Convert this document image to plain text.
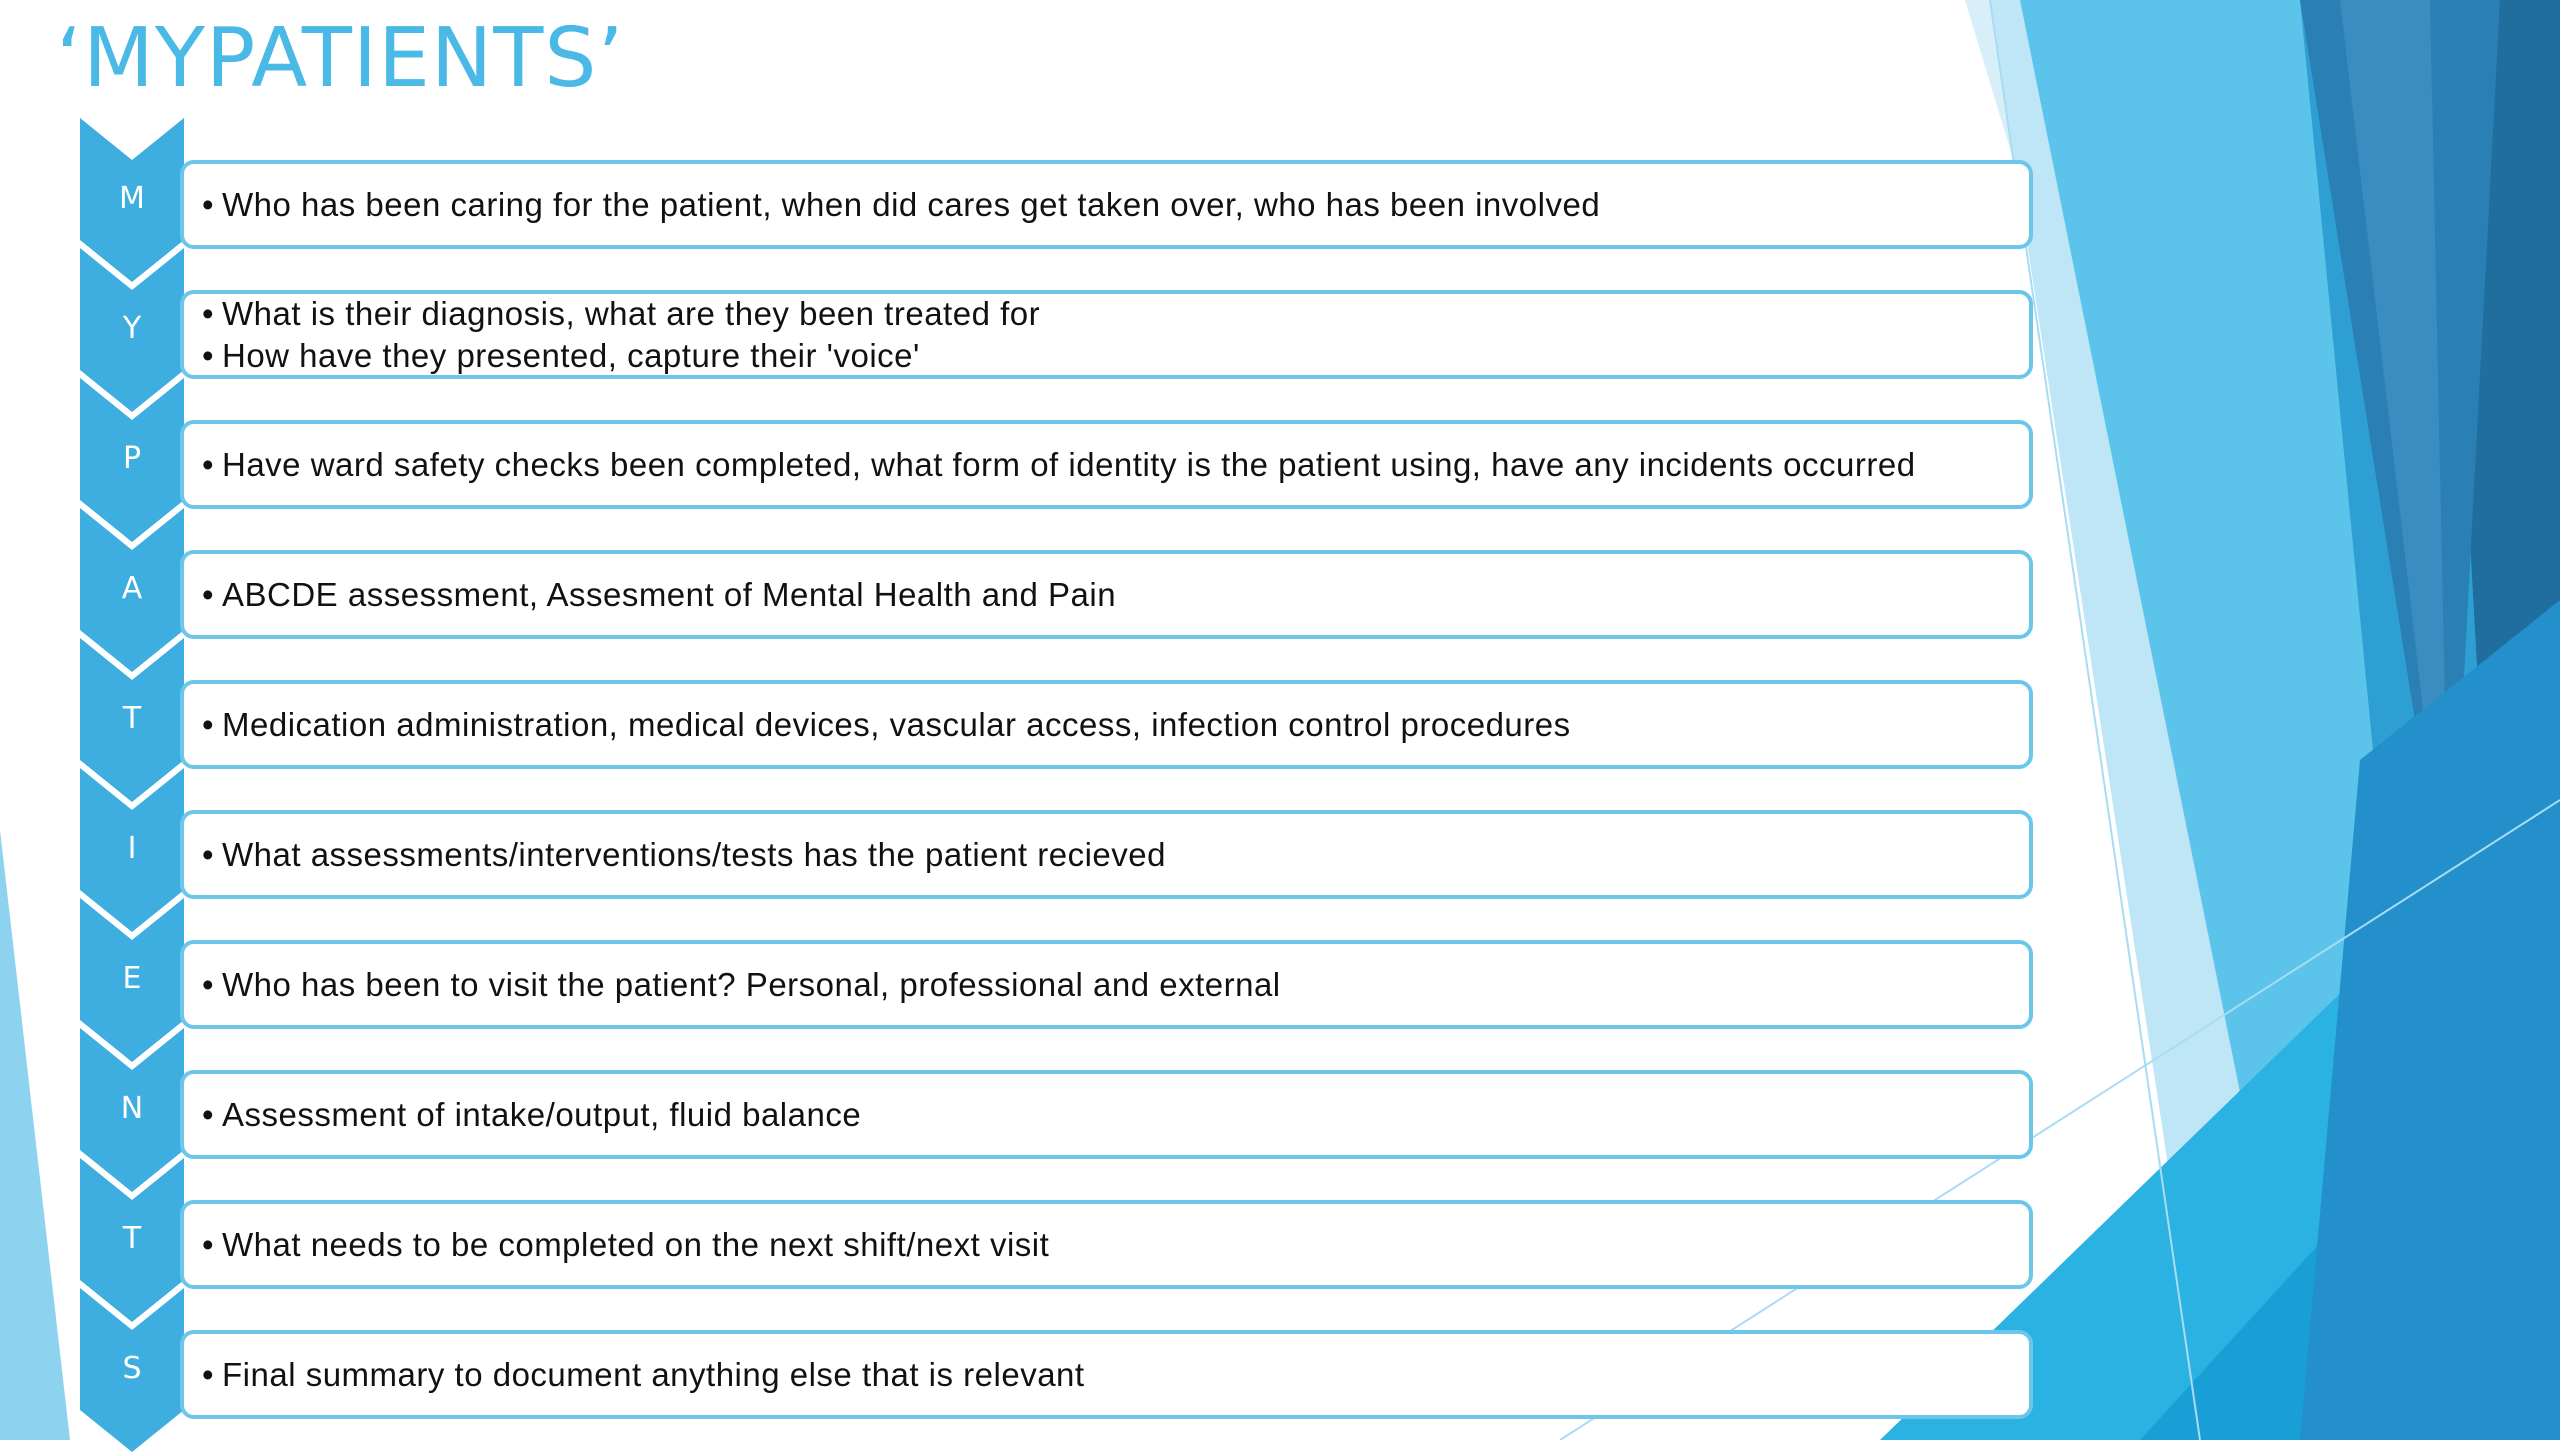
‘MYPATIENTS’
M	• Who has been caring for the patient, when did cares get taken over, who has been involved
Y	• What is their diagnosis, what are they been treated for
• How have they presented, capture their 'voice'
P	• Have ward safety checks been completed, what form of identity is the patient using, have any incidents occurred
A	• ABCDE assessment, Assesment of Mental Health and Pain
T	• Medication administration, medical devices, vascular access, infection control procedures
I	• What assessments/interventions/tests has the patient recieved
E	• Who has been to visit the patient? Personal, professional and external
N	• Assessment of intake/output, fluid balance
T	• What needs to be completed on the next shift/next visit
S	• Final summary to document anything else that is relevant
